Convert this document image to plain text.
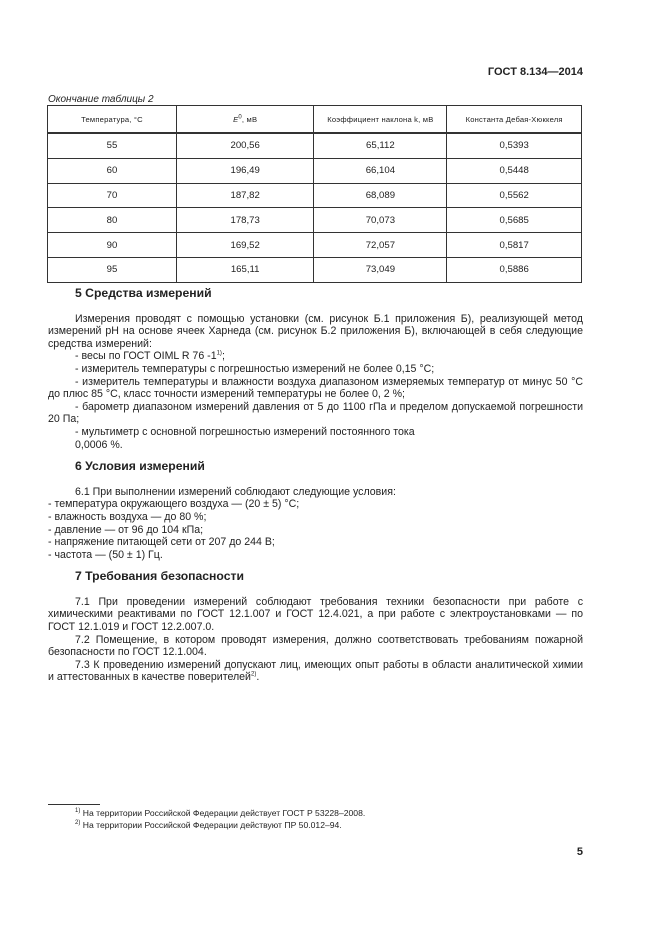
ГОСТ 8.134—2014
Окончание таблицы 2
Температура, °С	$E^0$, мВ	Коэффициент наклона k, мВ	Константа Дебая-Хюккеля
55	200,56	65,112	0,5393
60	196,49	66,104	0,5448
70	187,82	68,089	0,5562
80	178,73	70,073	0,5685
90	169,52	72,057	0,5817
95	165,11	73,049	0,5886
5 Средства измерений
Измерения проводят с помощью установки (см. рисунок Б.1 приложения Б), реализующей метод измерений pH на основе ячеек Харнеда (см. рисунок Б.2 приложения Б), включающей в себя следующие средства измерений:
- весы по ГОСТ OIML R 76 -1$^{1)}$;
- измеритель температуры с погрешностью измерений не более 0,15 °С;
- измеритель температуры и влажности воздуха диапазоном измеряемых температур от минус 50 °С до плюс 85 °С, класс точности измерений температуры не более 0, 2 %;
- барометр диапазоном измерений давления от 5 до 1100 гПа и пределом допускаемой погрешности 20 Па;
- мультиметр с основной погрешностью измерений постоянного тока
0,0006 %.
6 Условия измерений
6.1 При выполнении измерений соблюдают следующие условия:
- температура окружающего воздуха — (20 ± 5) °С;
- влажность воздуха — до 80 %;
- давление — от 96 до 104 кПа;
- напряжение питающей сети от 207 до 244 В;
- частота — (50 ± 1) Гц.
7 Требования безопасности
7.1 При проведении измерений соблюдают требования техники безопасности при работе с химическими реактивами по ГОСТ 12.1.007 и ГОСТ 12.4.021, а при работе с электроустановками — по ГОСТ 12.1.019 и ГОСТ 12.2.007.0.
7.2 Помещение, в котором проводят измерения, должно соответствовать требованиям пожарной безопасности по ГОСТ 12.1.004.
7.3 К проведению измерений допускают лиц, имеющих опыт работы в области аналитической химии и аттестованных в качестве поверителей$^{2)}$.
$^{1)}$ На территории Российской Федерации действует ГОСТ Р 53228–2008.
$^{2)}$ На территории Российской Федерации действуют ПР 50.012–94.
5
